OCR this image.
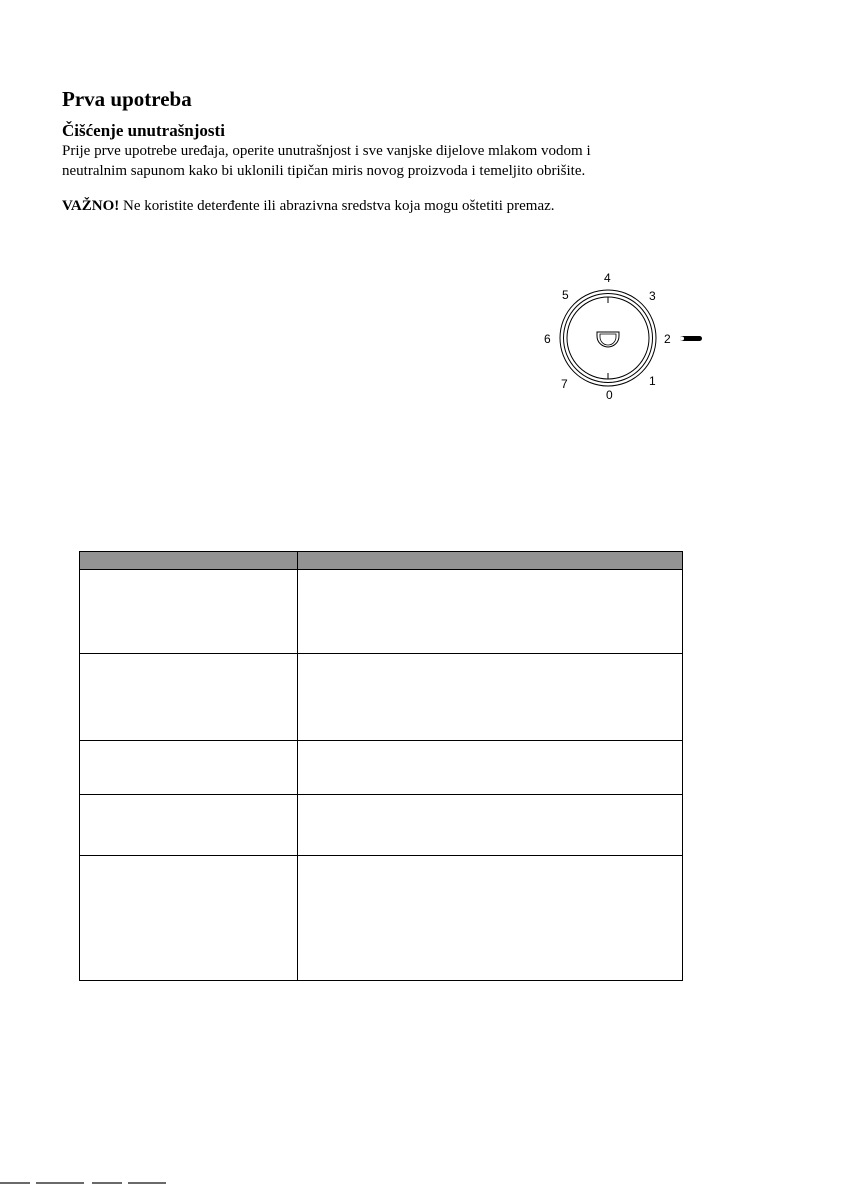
Prva upotreba
Čišćenje unutrašnjosti

Prije prve upotrebe uređaja, operite unutrašnjost i sve vanjske dijelove mlakom vodom i
neutralnim sapunom kako bi uklonili tipičan miris novog proizvoda i temeljito obrišite.

VAŽNO! Ne koristite deterđente ili abrazivna sredstva koja mogu oštetiti premaz.

4
5	3
6	2
7	1
0
